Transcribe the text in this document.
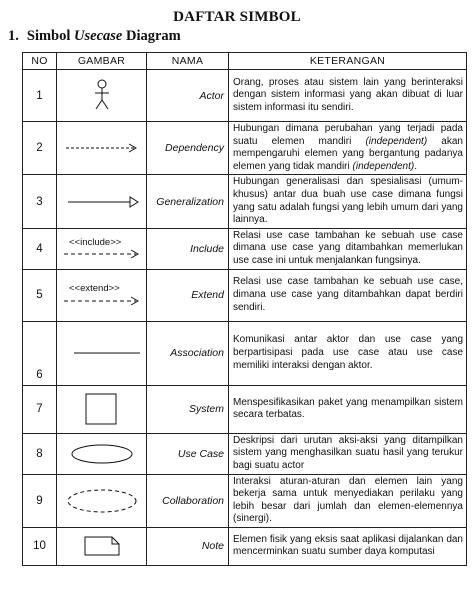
DAFTAR SIMBOL
1. Simbol Usecase Diagram
NO	GAMBAR	NAMA	KETERANGAN
1		Actor	Orang, proses atau sistem lain yang berinteraksi dengan sistem informasi yang akan dibuat di luar sistem informasi itu sendiri.
2		Dependency	Hubungan dimana perubahan yang terjadi pada suatu elemen mandiri (independent) akan mempengaruhi elemen yang bergantung padanya elemen yang tidak mandiri (independent).
3		Generalization	Hubungan generalisasi dan spesialisasi (umum-khusus) antar dua buah use case dimana fungsi yang satu adalah fungsi yang lebih umum dari yang lainnya.
4	<<include>>	Include	Relasi use case tambahan ke sebuah use case dimana use case yang ditambahkan memerlukan use case ini untuk menjalankan fungsinya.
5	<<extend>>	Extend	Relasi use case tambahan ke sebuah use case, dimana use case yang ditambahkan dapat berdiri sendiri.
6		Association	Komunikasi antar aktor dan use case yang berpartisipasi pada use case atau use case memiliki interaksi dengan aktor.
7		System	Menspesifikasikan paket yang menampilkan sistem secara terbatas.
8		Use Case	Deskripsi dari urutan aksi-aksi yang ditampilkan sistem yang menghasilkan suatu hasil yang terukur bagi suatu actor
9		Collaboration	Interaksi aturan-aturan dan elemen lain yang bekerja sama untuk menyediakan perilaku yang lebih besar dari jumlah dan elemen-elemennya (sinergi).
10		Note	Elemen fisik yang eksis saat aplikasi dijalankan dan mencerminkan suatu sumber daya komputasi
